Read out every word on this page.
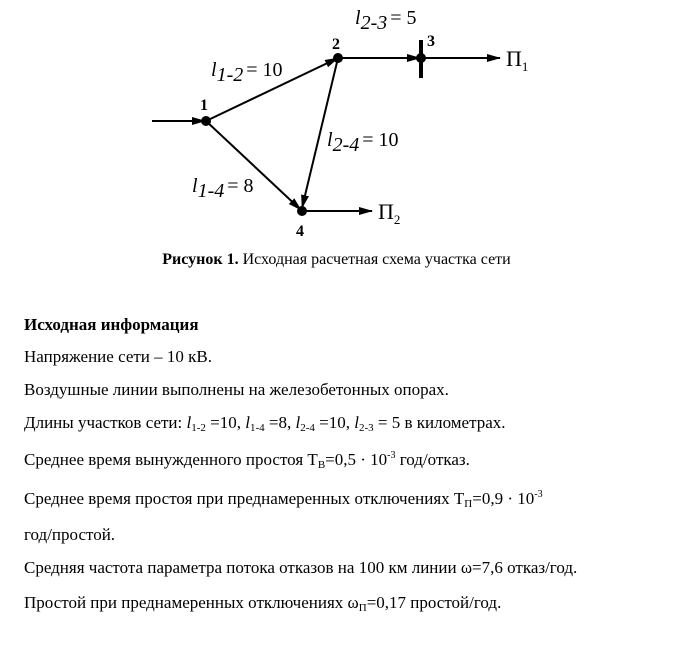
1
2	3
4
l1-2 = 10
l2-3 = 5
l2-4 = 10
l1-4 = 8
$П_1$
$П_2$
Рисунок 1. Исходная расчетная схема участка сети
Исходная информация
Напряжение сети – 10 кВ.
Воздушные линии выполнены на железобетонных опорах.
Длины участков сети: l1-2 =10, l1-4 =8, l2-4 =10, l2-3 = 5 в километрах.
Среднее время вынужденного простоя $ТВ=0,5 \cdot 10^{-3}$ год/отказ.
Среднее время простоя при преднамеренных отключениях $ТП=0,9 \cdot 10^{-3}$
год/простой.
Средняя частота параметра потока отказов на 100 км линии ω=7,6 отказ/год.
Простой при преднамеренных отключениях ωП=0,17 простой/год.
